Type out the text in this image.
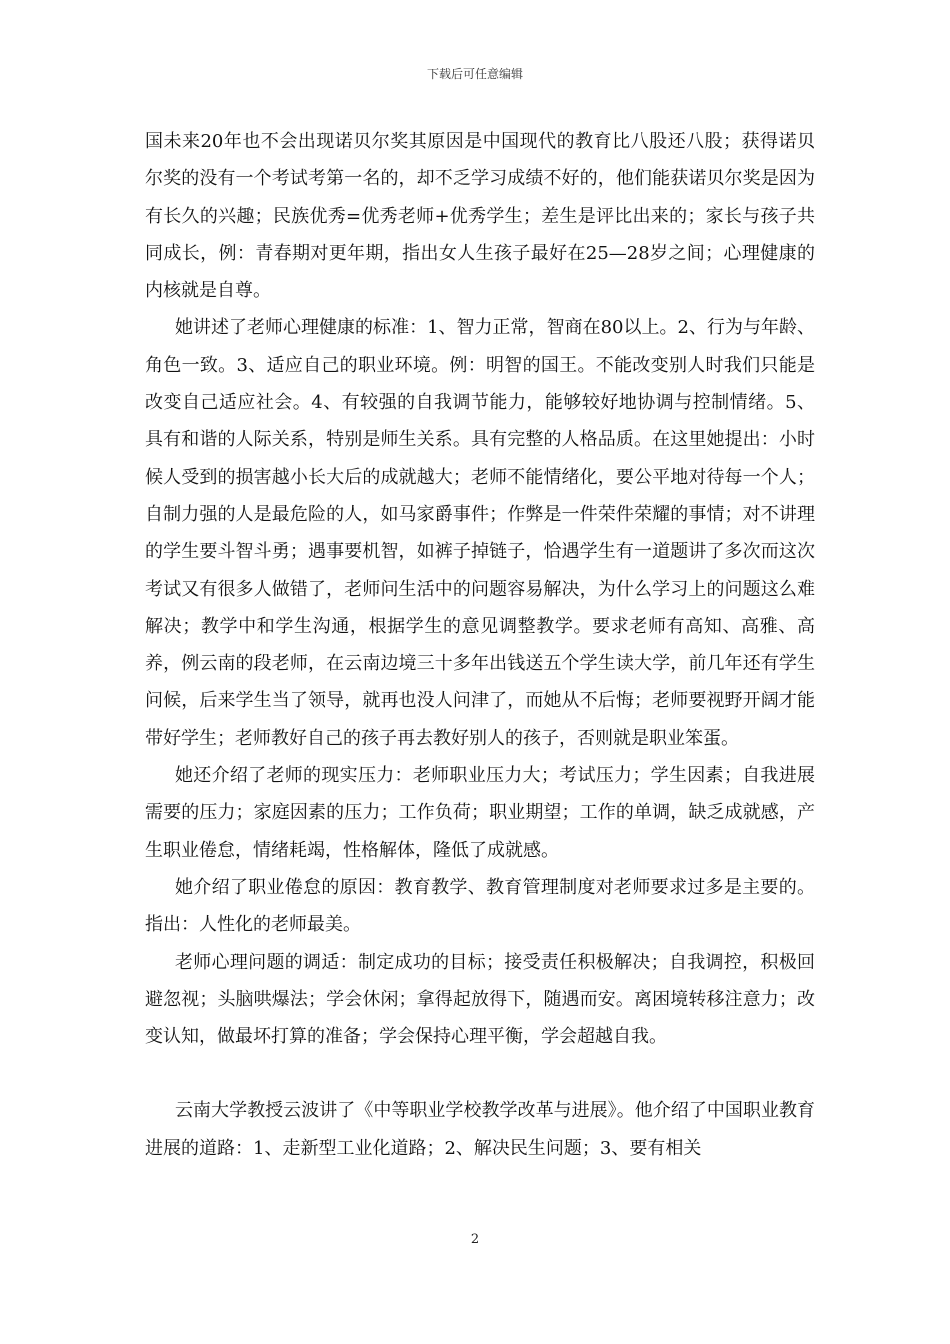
下载后可任意编辑

国未来20年也不会出现诺贝尔奖其原因是中国现代的教育比八股还八股；获得诺贝尔奖的没有一个考试考第一名的，却不乏学习成绩不好的，他们能获诺贝尔奖是因为有长久的兴趣；民族优秀=优秀老师+优秀学生；差生是评比出来的；家长与孩子共同成长，例：青春期对更年期，指出女人生孩子最好在25—28岁之间；心理健康的内核就是自尊。

她讲述了老师心理健康的标准：1、智力正常，智商在80以上。2、行为与年龄、角色一致。3、适应自己的职业环境。例：明智的国王。不能改变别人时我们只能是改变自己适应社会。4、有较强的自我调节能力，能够较好地协调与控制情绪。5、具有和谐的人际关系，特别是师生关系。具有完整的人格品质。在这里她提出：小时候人受到的损害越小长大后的成就越大；老师不能情绪化，要公平地对待每一个人；自制力强的人是最危险的人，如马家爵事件；作弊是一件荣件荣耀的事情；对不讲理的学生要斗智斗勇；遇事要机智，如裤子掉链子，恰遇学生有一道题讲了多次而这次考试又有很多人做错了，老师问生活中的问题容易解决，为什么学习上的问题这么难解决；教学中和学生沟通，根据学生的意见调整教学。要求老师有高知、高雅、高养，例云南的段老师，在云南边境三十多年出钱送五个学生读大学，前几年还有学生问候，后来学生当了领导，就再也没人问津了，而她从不后悔；老师要视野开阔才能带好学生；老师教好自己的孩子再去教好别人的孩子，否则就是职业笨蛋。

她还介绍了老师的现实压力：老师职业压力大；考试压力；学生因素；自我进展需要的压力；家庭因素的压力；工作负荷；职业期望；工作的单调，缺乏成就感，产生职业倦怠，情绪耗竭，性格解体，隆低了成就感。

她介绍了职业倦怠的原因：教育教学、教育管理制度对老师要求过多是主要的。指出：人性化的老师最美。

老师心理问题的调适：制定成功的目标；接受责任积极解决；自我调控，积极回避忽视；头脑哄爆法；学会休闲；拿得起放得下，随遇而安。离困境转移注意力；改变认知，做最坏打算的准备；学会保持心理平衡，学会超越自我。

云南大学教授云波讲了《中等职业学校教学改革与进展》。他介绍了中国职业教育进展的道路：1、走新型工业化道路；2、解决民生问题；3、要有相关

2
